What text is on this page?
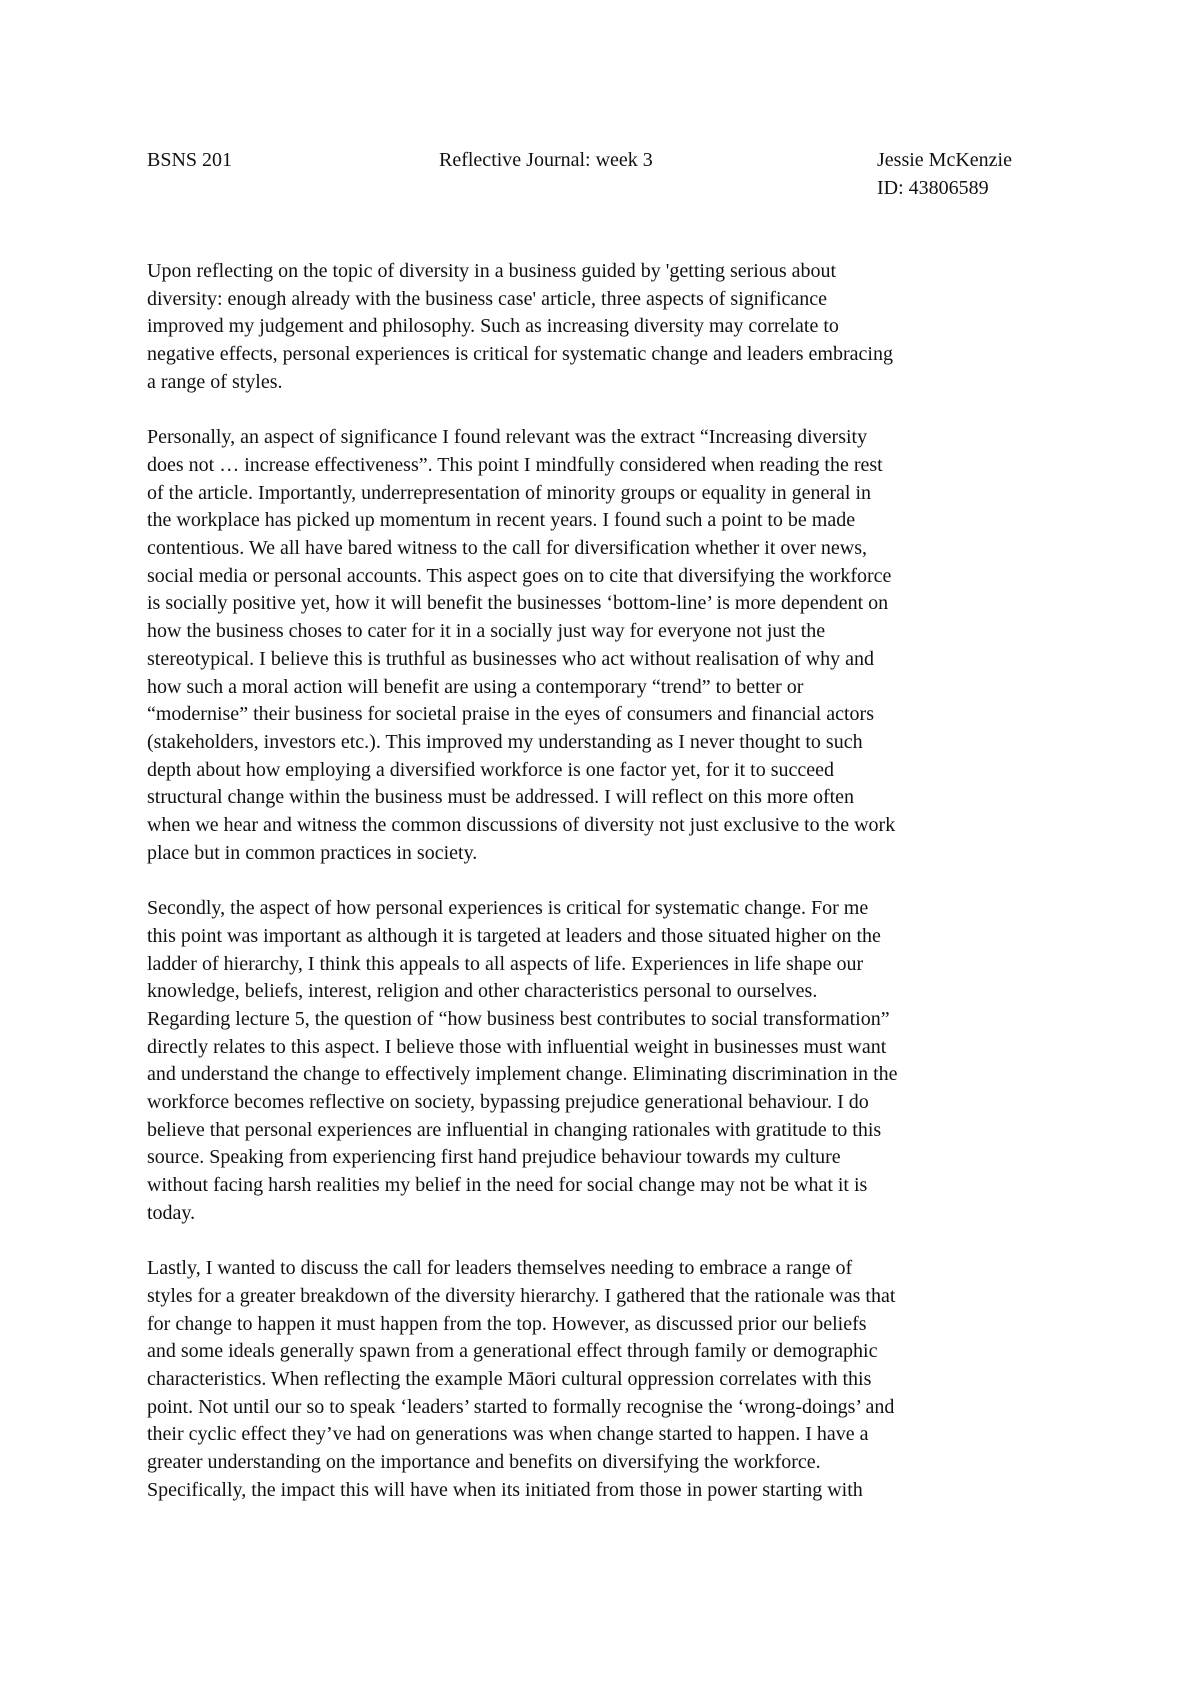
BSNS 201	Reflective Journal: week 3	Jessie McKenzie
ID: 43806589

Upon reflecting on the topic of diversity in a business guided by 'getting serious about
diversity: enough already with the business case' article, three aspects of significance
improved my judgement and philosophy. Such as increasing diversity may correlate to
negative effects, personal experiences is critical for systematic change and leaders embracing
a range of styles.

Personally, an aspect of significance I found relevant was the extract “Increasing diversity
does not … increase effectiveness”. This point I mindfully considered when reading the rest
of the article. Importantly, underrepresentation of minority groups or equality in general in
the workplace has picked up momentum in recent years. I found such a point to be made
contentious. We all have bared witness to the call for diversification whether it over news,
social media or personal accounts. This aspect goes on to cite that diversifying the workforce
is socially positive yet, how it will benefit the businesses ‘bottom-line’ is more dependent on
how the business choses to cater for it in a socially just way for everyone not just the
stereotypical. I believe this is truthful as businesses who act without realisation of why and
how such a moral action will benefit are using a contemporary “trend” to better or
“modernise” their business for societal praise in the eyes of consumers and financial actors
(stakeholders, investors etc.). This improved my understanding as I never thought to such
depth about how employing a diversified workforce is one factor yet, for it to succeed
structural change within the business must be addressed. I will reflect on this more often
when we hear and witness the common discussions of diversity not just exclusive to the work
place but in common practices in society.

Secondly, the aspect of how personal experiences is critical for systematic change. For me
this point was important as although it is targeted at leaders and those situated higher on the
ladder of hierarchy, I think this appeals to all aspects of life. Experiences in life shape our
knowledge, beliefs, interest, religion and other characteristics personal to ourselves.
Regarding lecture 5, the question of “how business best contributes to social transformation”
directly relates to this aspect. I believe those with influential weight in businesses must want
and understand the change to effectively implement change. Eliminating discrimination in the
workforce becomes reflective on society, bypassing prejudice generational behaviour. I do
believe that personal experiences are influential in changing rationales with gratitude to this
source. Speaking from experiencing first hand prejudice behaviour towards my culture
without facing harsh realities my belief in the need for social change may not be what it is
today.

Lastly, I wanted to discuss the call for leaders themselves needing to embrace a range of
styles for a greater breakdown of the diversity hierarchy. I gathered that the rationale was that
for change to happen it must happen from the top. However, as discussed prior our beliefs
and some ideals generally spawn from a generational effect through family or demographic
characteristics. When reflecting the example Māori cultural oppression correlates with this
point. Not until our so to speak ‘leaders’ started to formally recognise the ‘wrong-doings’ and
their cyclic effect they’ve had on generations was when change started to happen. I have a
greater understanding on the importance and benefits on diversifying the workforce.
Specifically, the impact this will have when its initiated from those in power starting with
